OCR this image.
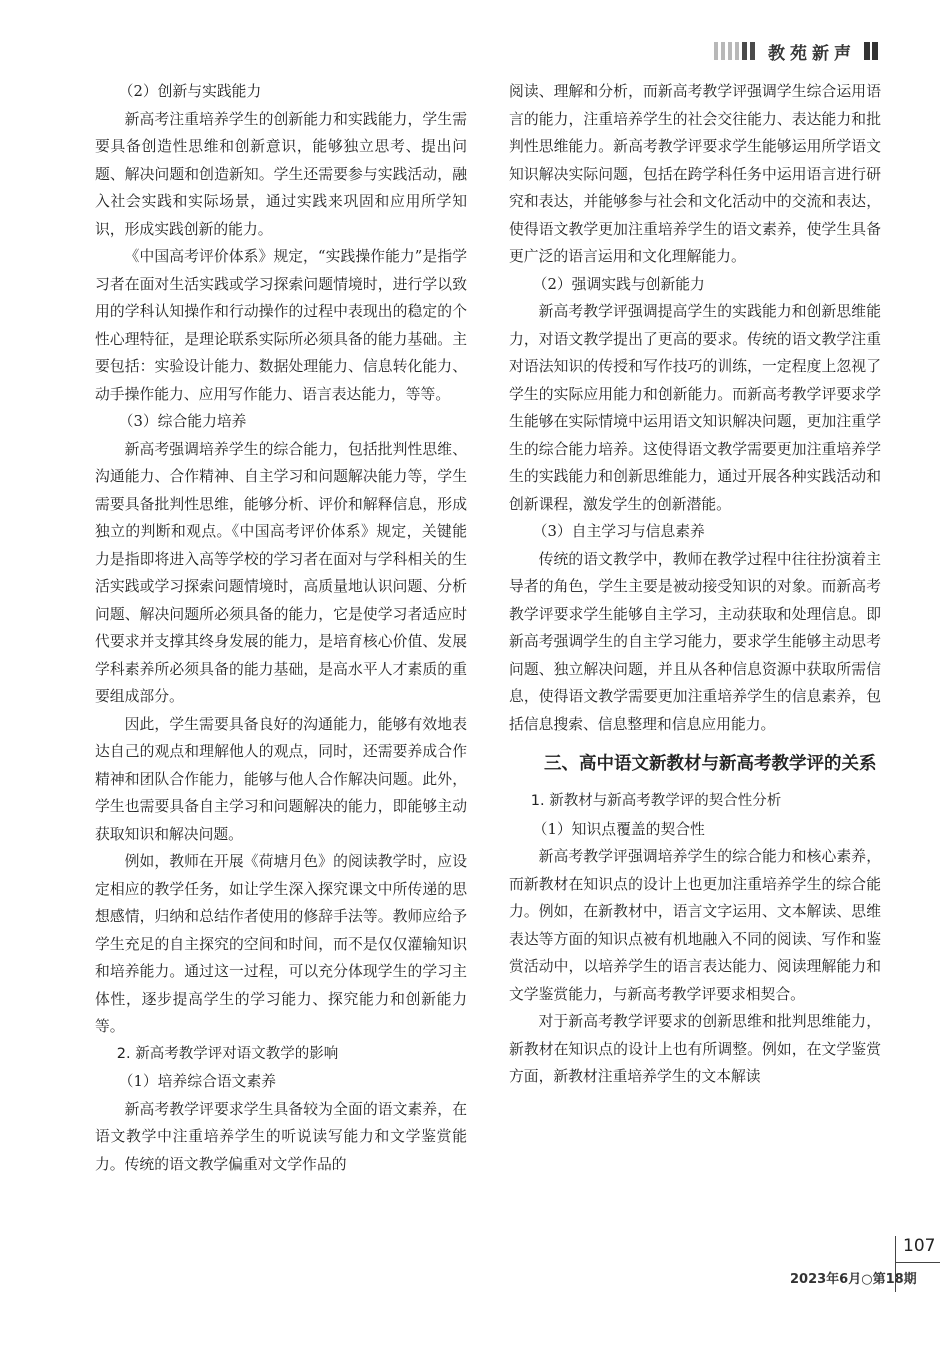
教苑新声

（2）创新与实践能力

新高考注重培养学生的创新能力和实践能力，学生需要具备创造性思维和创新意识，能够独立思考、提出问题、解决问题和创造新知。学生还需要参与实践活动，融入社会实践和实际场景，通过实践来巩固和应用所学知识，形成实践创新的能力。

《中国高考评价体系》规定，“实践操作能力”是指学习者在面对生活实践或学习探索问题情境时，进行学以致用的学科认知操作和行动操作的过程中表现出的稳定的个性心理特征，是理论联系实际所必须具备的能力基础。主要包括：实验设计能力、数据处理能力、信息转化能力、动手操作能力、应用写作能力、语言表达能力，等等。

（3）综合能力培养

新高考强调培养学生的综合能力，包括批判性思维、沟通能力、合作精神、自主学习和问题解决能力等，学生需要具备批判性思维，能够分析、评价和解释信息，形成独立的判断和观点。《中国高考评价体系》规定，关键能力是指即将进入高等学校的学习者在面对与学科相关的生活实践或学习探索问题情境时，高质量地认识问题、分析问题、解决问题所必须具备的能力，它是使学习者适应时代要求并支撑其终身发展的能力，是培育核心价值、发展学科素养所必须具备的能力基础，是高水平人才素质的重要组成部分。

因此，学生需要具备良好的沟通能力，能够有效地表达自己的观点和理解他人的观点，同时，还需要养成合作精神和团队合作能力，能够与他人合作解决问题。此外，学生也需要具备自主学习和问题解决的能力，即能够主动获取知识和解决问题。

例如，教师在开展《荷塘月色》的阅读教学时，应设定相应的教学任务，如让学生深入探究课文中所传递的思想感情，归纳和总结作者使用的修辞手法等。教师应给予学生充足的自主探究的空间和时间，而不是仅仅灌输知识和培养能力。通过这一过程，可以充分体现学生的学习主体性，逐步提高学生的学习能力、探究能力和创新能力等。

2. 新高考教学评对语文教学的影响

（1）培养综合语文素养

新高考教学评要求学生具备较为全面的语文素养，在语文教学中注重培养学生的听说读写能力和文学鉴赏能力。传统的语文教学偏重对文学作品的

阅读、理解和分析，而新高考教学评强调学生综合运用语言的能力，注重培养学生的社会交往能力、表达能力和批判性思维能力。新高考教学评要求学生能够运用所学语文知识解决实际问题，包括在跨学科任务中运用语言进行研究和表达，并能够参与社会和文化活动中的交流和表达，使得语文教学更加注重培养学生的语文素养，使学生具备更广泛的语言运用和文化理解能力。

（2）强调实践与创新能力

新高考教学评强调提高学生的实践能力和创新思维能力，对语文教学提出了更高的要求。传统的语文教学注重对语法知识的传授和写作技巧的训练，一定程度上忽视了学生的实际应用能力和创新能力。而新高考教学评要求学生能够在实际情境中运用语文知识解决问题，更加注重学生的综合能力培养。这使得语文教学需要更加注重培养学生的实践能力和创新思维能力，通过开展各种实践活动和创新课程，激发学生的创新潜能。

（3）自主学习与信息素养

传统的语文教学中，教师在教学过程中往往扮演着主导者的角色，学生主要是被动接受知识的对象。而新高考教学评要求学生能够自主学习，主动获取和处理信息。即新高考强调学生的自主学习能力，要求学生能够主动思考问题、独立解决问题，并且从各种信息资源中获取所需信息，使得语文教学需要更加注重培养学生的信息素养，包括信息搜索、信息整理和信息应用能力。

三、高中语文新教材与新高考教学评的关系

1. 新教材与新高考教学评的契合性分析

（1）知识点覆盖的契合性

新高考教学评强调培养学生的综合能力和核心素养，而新教材在知识点的设计上也更加注重培养学生的综合能力。例如，在新教材中，语言文字运用、文本解读、思维表达等方面的知识点被有机地融入不同的阅读、写作和鉴赏活动中，以培养学生的语言表达能力、阅读理解能力和文学鉴赏能力，与新高考教学评要求相契合。

对于新高考教学评要求的创新思维和批判思维能力，新教材在知识点的设计上也有所调整。例如，在文学鉴赏方面，新教材注重培养学生的文本解读

107
2023年6月○第18期
